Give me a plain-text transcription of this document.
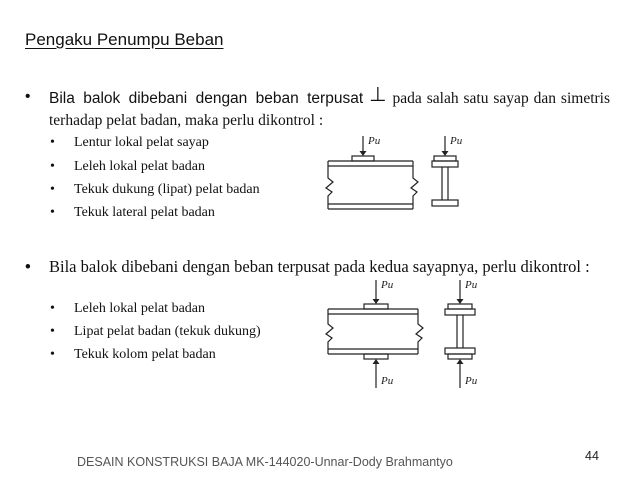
Pengaku Penumpu Beban
• Bila balok dibebani dengan beban terpusat ⊥ pada salah satu sayap dan simetris terhadap pelat badan, maka perlu dikontrol :
• Lentur lokal pelat sayap
• Leleh lokal pelat badan
• Tekuk dukung (lipat) pelat badan
• Tekuk lateral pelat badan
Pu	Pu
• Bila balok dibebani dengan beban terpusat pada kedua sayapnya, perlu dikontrol :
• Leleh lokal pelat badan
• Lipat pelat badan (tekuk dukung)
• Tekuk kolom pelat badan
Pu
Pu
Pu
Pu
DESAIN KONSTRUKSI BAJA MK-144020-Unnar-Dody Brahmantyo	44
